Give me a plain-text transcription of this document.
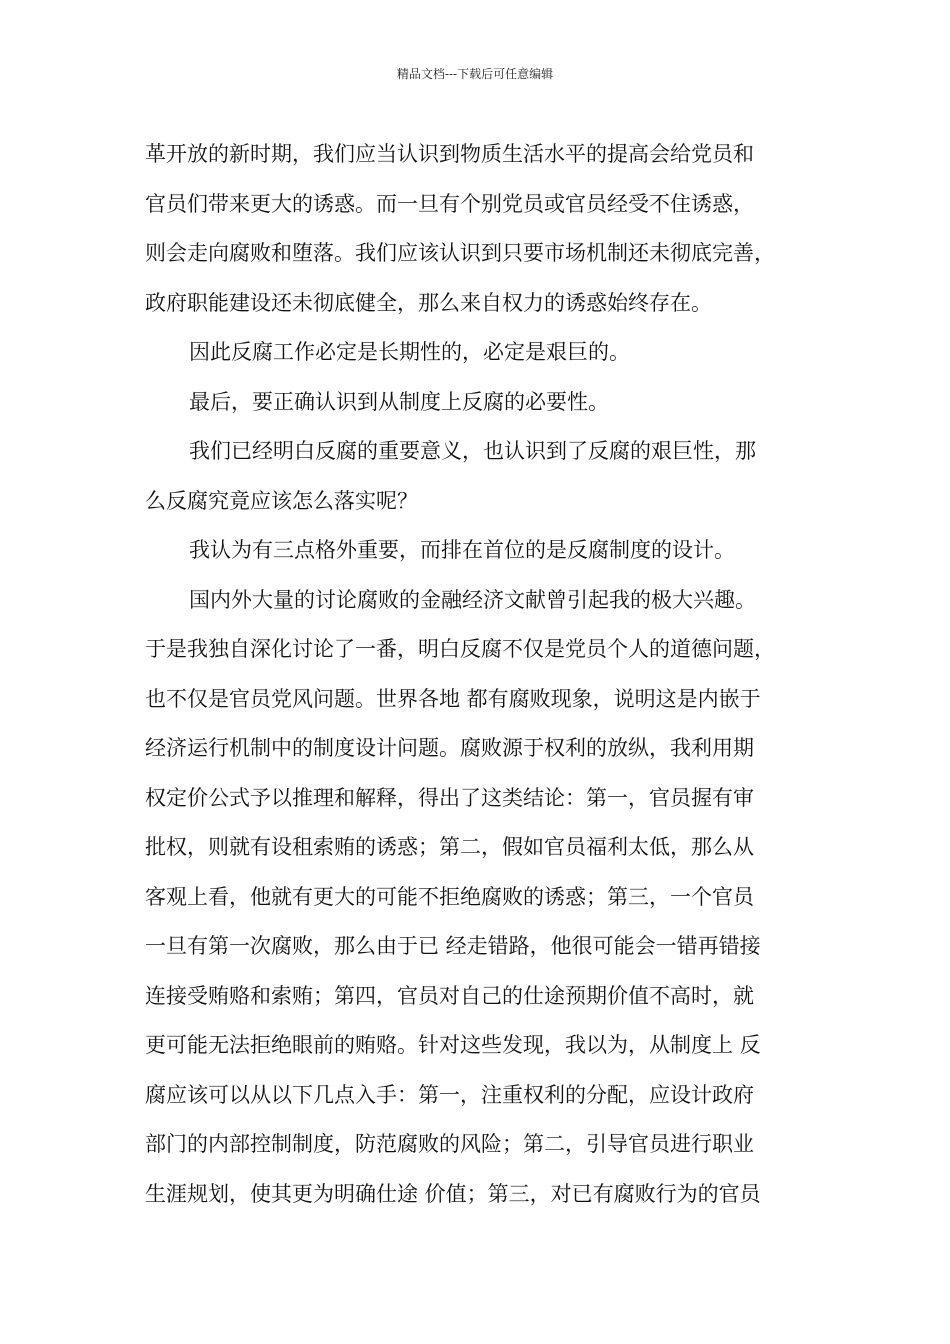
精品文档---下载后可任意编辑
革开放的新时期，我们应当认识到物质生活水平的提高会给党员和
官员们带来更大的诱惑。而一旦有个别党员或官员经受不住诱惑，
则会走向腐败和堕落。我们应该认识到只要市场机制还未彻底完善，
政府职能建设还未彻底健全，那么来自权力的诱惑始终存在。
因此反腐工作必定是长期性的，必定是艰巨的。
最后，要正确认识到从制度上反腐的必要性。
我们已经明白反腐的重要意义，也认识到了反腐的艰巨性，那
么反腐究竟应该怎么落实呢？
我认为有三点格外重要，而排在首位的是反腐制度的设计。
国内外大量的讨论腐败的金融经济文献曾引起我的极大兴趣。
于是我独自深化讨论了一番，明白反腐不仅是党员个人的道德问题，
也不仅是官员党风问题。世界各地 都有腐败现象，说明这是内嵌于
经济运行机制中的制度设计问题。腐败源于权利的放纵，我利用期
权定价公式予以推理和解释，得出了这类结论：第一，官员握有审
批权，则就有设租索贿的诱惑；第二，假如官员福利太低，那么从
客观上看，他就有更大的可能不拒绝腐败的诱惑；第三，一个官员
一旦有第一次腐败，那么由于已 经走错路，他很可能会一错再错接
连接受贿赂和索贿；第四，官员对自己的仕途预期价值不高时，就
更可能无法拒绝眼前的贿赂。针对这些发现，我以为，从制度上 反
腐应该可以从以下几点入手：第一，注重权利的分配，应设计政府
部门的内部控制制度，防范腐败的风险；第二，引导官员进行职业
生涯规划，使其更为明确仕途 价值；第三，对已有腐败行为的官员
